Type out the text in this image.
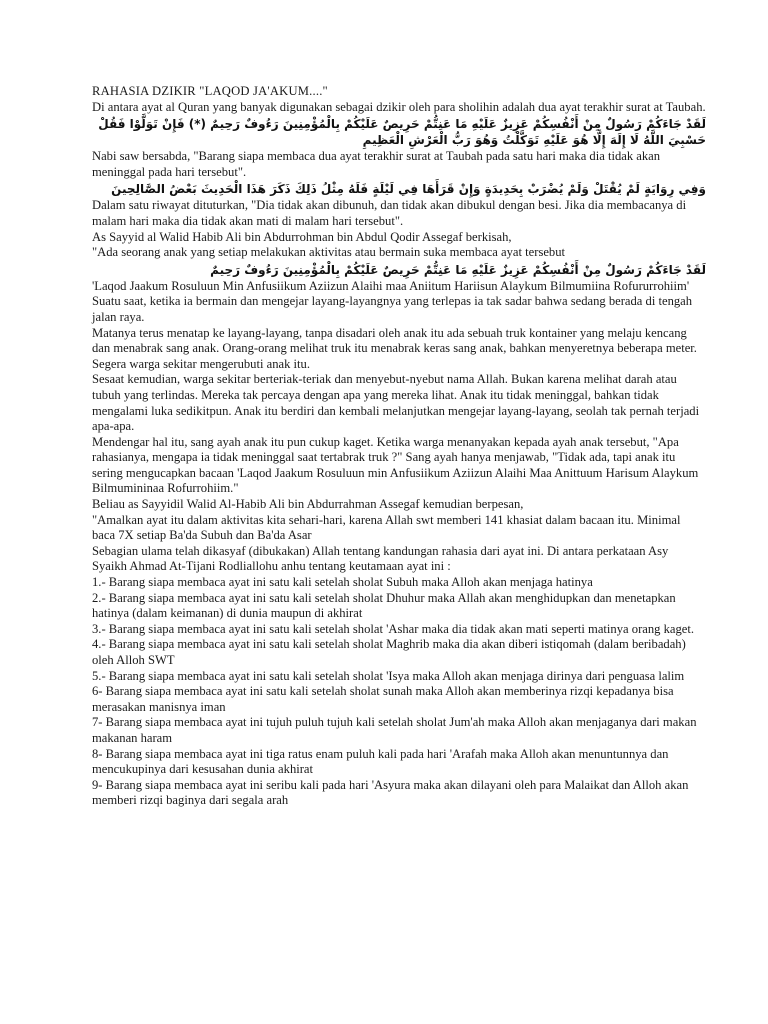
RAHASIA DZIKIR "LAQOD JA'AKUM...."

Di antara ayat al Quran yang banyak digunakan sebagai dzikir oleh para sholihin adalah dua ayat terakhir surat at Taubah.

لَقَدْ جَاءَكُمْ رَسُولٌ مِنْ أَنْفُسِكُمْ عَزِيزٌ عَلَيْهِ مَا عَنِتُّمْ حَرِيصٌ عَلَيْكُمْ بِالْمُؤْمِنِينَ رَءُوفٌ رَحِيمٌ (*) فَإِنْ تَوَلَّوْا فَقُلْ حَسْبِيَ اللَّهُ لَا إِلَهَ إِلَّا هُوَ عَلَيْهِ تَوَكَّلْتُ وَهُوَ رَبُّ الْعَرْشِ الْعَظِيمِ

Nabi saw bersabda, "Barang siapa membaca dua ayat terakhir surat at Taubah pada satu hari maka dia tidak akan meninggal pada hari tersebut".

وَفِي رِوَايَةٍ لَمْ يُقْتَلْ وَلَمْ يُضْرَبْ بِحَدِيدَةٍ وَإِنْ قَرَأَهَا فِي لَيْلَةٍ فَلَهُ مِثْلُ ذَلِكَ ذَكَرَ هَذَا الْحَدِيثَ بَعْضُ الصَّالِحِينَ

Dalam satu riwayat dituturkan, "Dia tidak akan dibunuh, dan tidak akan dibukul dengan besi. Jika dia membacanya di malam hari maka dia tidak akan mati di malam hari tersebut".

As Sayyid al Walid Habib Ali bin Abdurrohman bin Abdul Qodir Assegaf berkisah,

"Ada seorang anak yang setiap melakukan aktivitas atau bermain suka membaca ayat tersebut

لَقَدْ جَاءَكُمْ رَسُولٌ مِنْ أَنْفُسِكُمْ عَزِيزٌ عَلَيْهِ مَا عَنِتُّمْ حَرِيصٌ عَلَيْكُمْ بِالْمُؤْمِنِينَ رَءُوفٌ رَحِيمٌ

'Laqod Jaakum Rosuluun Min Anfusiikum Aziizun Alaihi maa Aniitum Hariisun Alaykum Bilmumiina Rofururrohiim'

Suatu saat, ketika ia bermain dan mengejar layang-layangnya yang terlepas ia tak sadar bahwa sedang berada di tengah jalan raya.

Matanya terus menatap ke layang-layang, tanpa disadari oleh anak itu ada sebuah truk kontainer yang melaju kencang dan menabrak sang anak. Orang-orang melihat truk itu menabrak keras sang anak, bahkan menyeretnya beberapa meter. Segera warga sekitar mengerubuti anak itu.

Sesaat kemudian, warga sekitar berteriak-teriak dan menyebut-nyebut nama Allah. Bukan karena melihat darah atau tubuh yang terlindas. Mereka tak percaya dengan apa yang mereka lihat. Anak itu tidak meninggal, bahkan tidak mengalami luka sedikitpun. Anak itu berdiri dan kembali melanjutkan mengejar layang-layang, seolah tak pernah terjadi apa-apa.

Mendengar hal itu, sang ayah anak itu pun cukup kaget. Ketika warga menanyakan kepada ayah anak tersebut, "Apa rahasianya, mengapa ia tidak meninggal saat tertabrak truk ?" Sang ayah hanya menjawab, "Tidak ada, tapi anak itu sering mengucapkan bacaan 'Laqod Jaakum Rosuluun min Anfusiikum Aziizun Alaihi Maa Anittuum Harisum Alaykum Bilmumininaa Rofurrohiim."

Beliau as Sayyidil Walid Al-Habib Ali bin Abdurrahman Assegaf kemudian berpesan,

"Amalkan ayat itu dalam aktivitas kita sehari-hari, karena Allah swt memberi 141 khasiat dalam bacaan itu. Minimal baca 7X setiap Ba'da Subuh dan Ba'da Asar

Sebagian ulama telah dikasyaf (dibukakan) Allah tentang kandungan rahasia dari ayat ini. Di antara perkataan Asy Syaikh Ahmad At-Tijani Rodliallohu anhu tentang keutamaan ayat ini :

1.- Barang siapa membaca ayat ini satu kali setelah sholat Subuh maka Alloh akan menjaga hatinya

2.- Barang siapa membaca ayat ini satu kali setelah sholat Dhuhur maka Allah akan menghidupkan dan menetapkan hatinya (dalam keimanan) di dunia maupun di akhirat

3.- Barang siapa membaca ayat ini satu kali setelah sholat 'Ashar maka dia tidak akan mati seperti matinya orang kaget.

4.- Barang siapa membaca ayat ini satu kali setelah sholat Maghrib maka dia akan diberi istiqomah (dalam beribadah) oleh Alloh SWT

5.- Barang siapa membaca ayat ini satu kali setelah sholat 'Isya maka Alloh akan menjaga dirinya dari penguasa lalim

6- Barang siapa membaca ayat ini satu kali setelah sholat sunah maka Alloh akan memberinya rizqi kepadanya bisa merasakan manisnya iman

7- Barang siapa membaca ayat ini tujuh puluh tujuh kali setelah sholat Jum'ah maka Alloh akan menjaganya dari makan makanan haram

8- Barang siapa membaca ayat ini tiga ratus enam puluh kali pada hari 'Arafah maka Alloh akan menuntunnya dan mencukupinya dari kesusahan dunia akhirat

9- Barang siapa membaca ayat ini seribu kali pada hari 'Asyura maka akan dilayani oleh para Malaikat dan Alloh akan memberi rizqi baginya dari segala arah
